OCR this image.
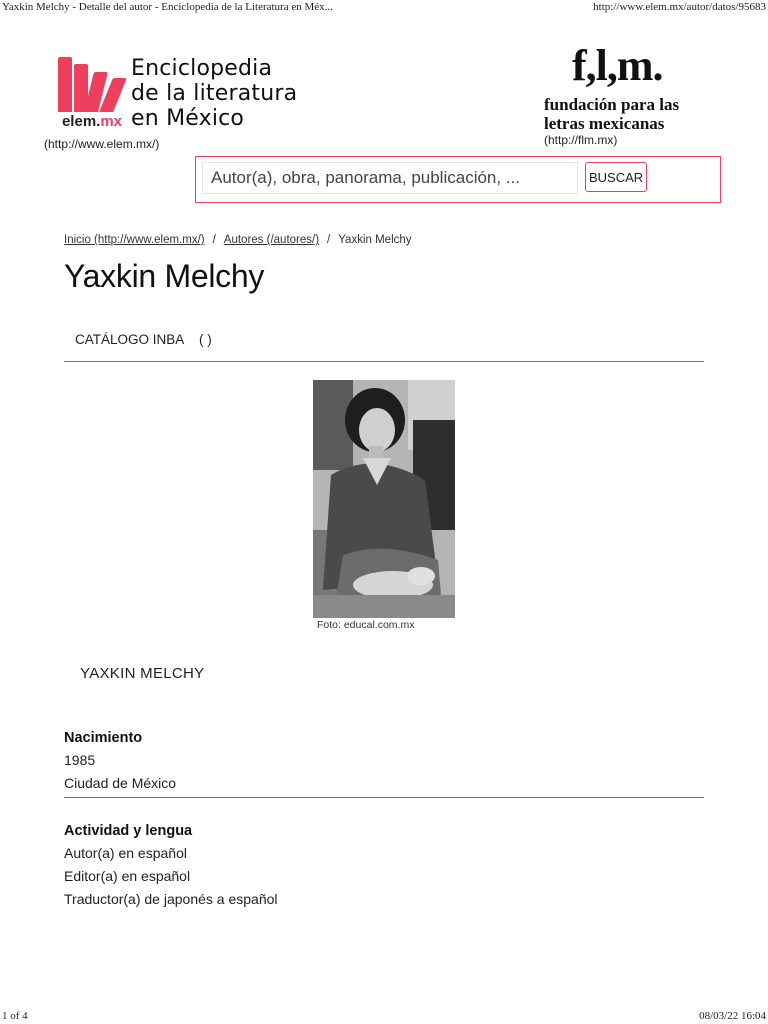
Yaxkin Melchy - Detalle del autor - Enciclopedia de la Literatura en Méx...	http://www.elem.mx/autor/datos/95683
elem.mx
Enciclopedia
de la literatura
en México
(http://www.elem.mx/)
f,l,m.
fundación para las
letras mexicanas
(http://flm.mx)
Autor(a), obra, panorama, publicación, ...
BUSCAR
Inicio (http://www.elem.mx/) / Autores (/autores/) / Yaxkin Melchy
Yaxkin Melchy
CATÁLOGO INBA ( )
Foto: educal.com.mx
YAXKIN MELCHY
Nacimiento
1985
Ciudad de México
Actividad y lengua
Autor(a) en español
Editor(a) en español
Traductor(a) de japonés a español
1 of 4	08/03/22 16:04
